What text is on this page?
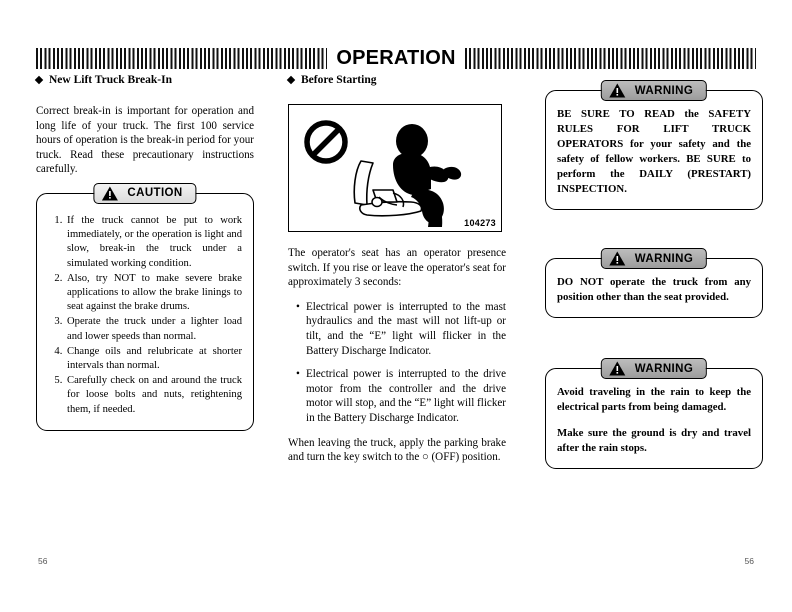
OPERATION
New Lift Truck Break-In

Correct break-in is important for operation and long life of your truck. The first 100 service hours of operation is the break-in period for your truck. Read these precautionary instructions carefully.

CAUTION
1. If the truck cannot be put to work immediately, or the operation is light and slow, break-in the truck under a simulated working condition.
2. Also, try NOT to make severe brake applications to allow the brake linings to seat against the brake drums.
3. Operate the truck under a lighter load and lower speeds than normal.
4. Change oils and relubricate at shorter intervals than normal.
5. Carefully check on and around the truck for loose bolts and nuts, retightening them, if needed.
Before Starting
104273

The operator's seat has an operator presence switch. If you rise or leave the operator's seat for approximately 3 seconds:

• Electrical power is interrupted to the mast hydraulics and the mast will not lift-up or tilt, and the “E” light will flicker in the Battery Discharge Indicator.
• Electrical power is interrupted to the drive motor from the controller and the drive motor will stop, and the “E” light will flicker in the Battery Discharge Indicator.

When leaving the truck, apply the parking brake and turn the key switch to the ○ (OFF) position.

WARNING

BE SURE TO READ the SAFETY RULES FOR LIFT TRUCK OPERATORS for your safety and the safety of fellow workers. BE SURE to perform the DAILY (PRESTART) INSPECTION.

WARNING

DO NOT operate the truck from any position other than the seat provided.

WARNING

Avoid traveling in the rain to keep the electrical parts from being damaged.

Make sure the ground is dry and travel after the rain stops.

56	56
